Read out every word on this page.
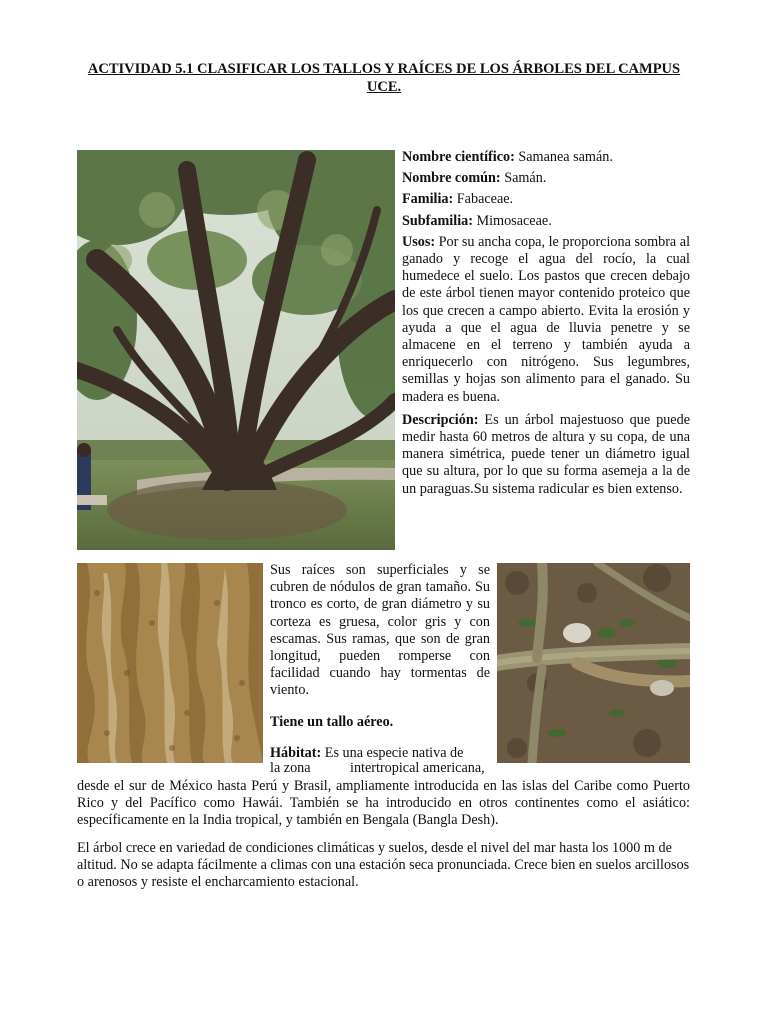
ACTIVIDAD 5.1 CLASIFICAR LOS TALLOS Y RAÍCES DE LOS ÁRBOLES DEL CAMPUS UCE.

Nombre científico: Samanea samán.

Nombre común: Samán.

Familia: Fabaceae.

Subfamilia: Mimosaceae.

Usos: Por su ancha copa, le proporciona sombra al ganado y recoge el agua del rocío, la cual humedece el suelo. Los pastos que crecen debajo de este árbol tienen mayor contenido proteico que los que crecen a campo abierto. Evita la erosión y ayuda a que el agua de lluvia penetre y se almacene en el terreno y también ayuda a enriquecerlo con nitrógeno. Sus legumbres, semillas y hojas son alimento para el ganado. Su madera es buena.

Descripción: Es un árbol majestuoso que puede medir hasta 60 metros de altura y su copa, de una manera simétrica, puede tener un diámetro igual que su altura, por lo que su forma asemeja a la de un paraguas.Su sistema radicular es bien extenso.

Sus raíces son superficiales y se cubren de nódulos de gran tamaño. Su tronco es corto, de gran diámetro y su corteza es gruesa, color gris y con escamas. Sus ramas, que son de gran longitud, pueden romperse con facilidad cuando hay tormentas de viento.

Tiene un tallo aéreo.

Hábitat: Es una especie nativa de

la zona	intertropical americana,

desde el sur de México hasta Perú y Brasil, ampliamente introducida en las islas del Caribe como Puerto Rico y del Pacífico como Hawái. También se ha introducido en otros continentes como el asiático: específicamente en la India tropical, y también en Bengala (Bangla Desh).

El árbol crece en variedad de condiciones climáticas y suelos, desde el nivel del mar hasta los 1000 m de altitud. No se adapta fácilmente a climas con una estación seca pronunciada. Crece bien en suelos arcillosos o arenosos y resiste el encharcamiento estacional.
